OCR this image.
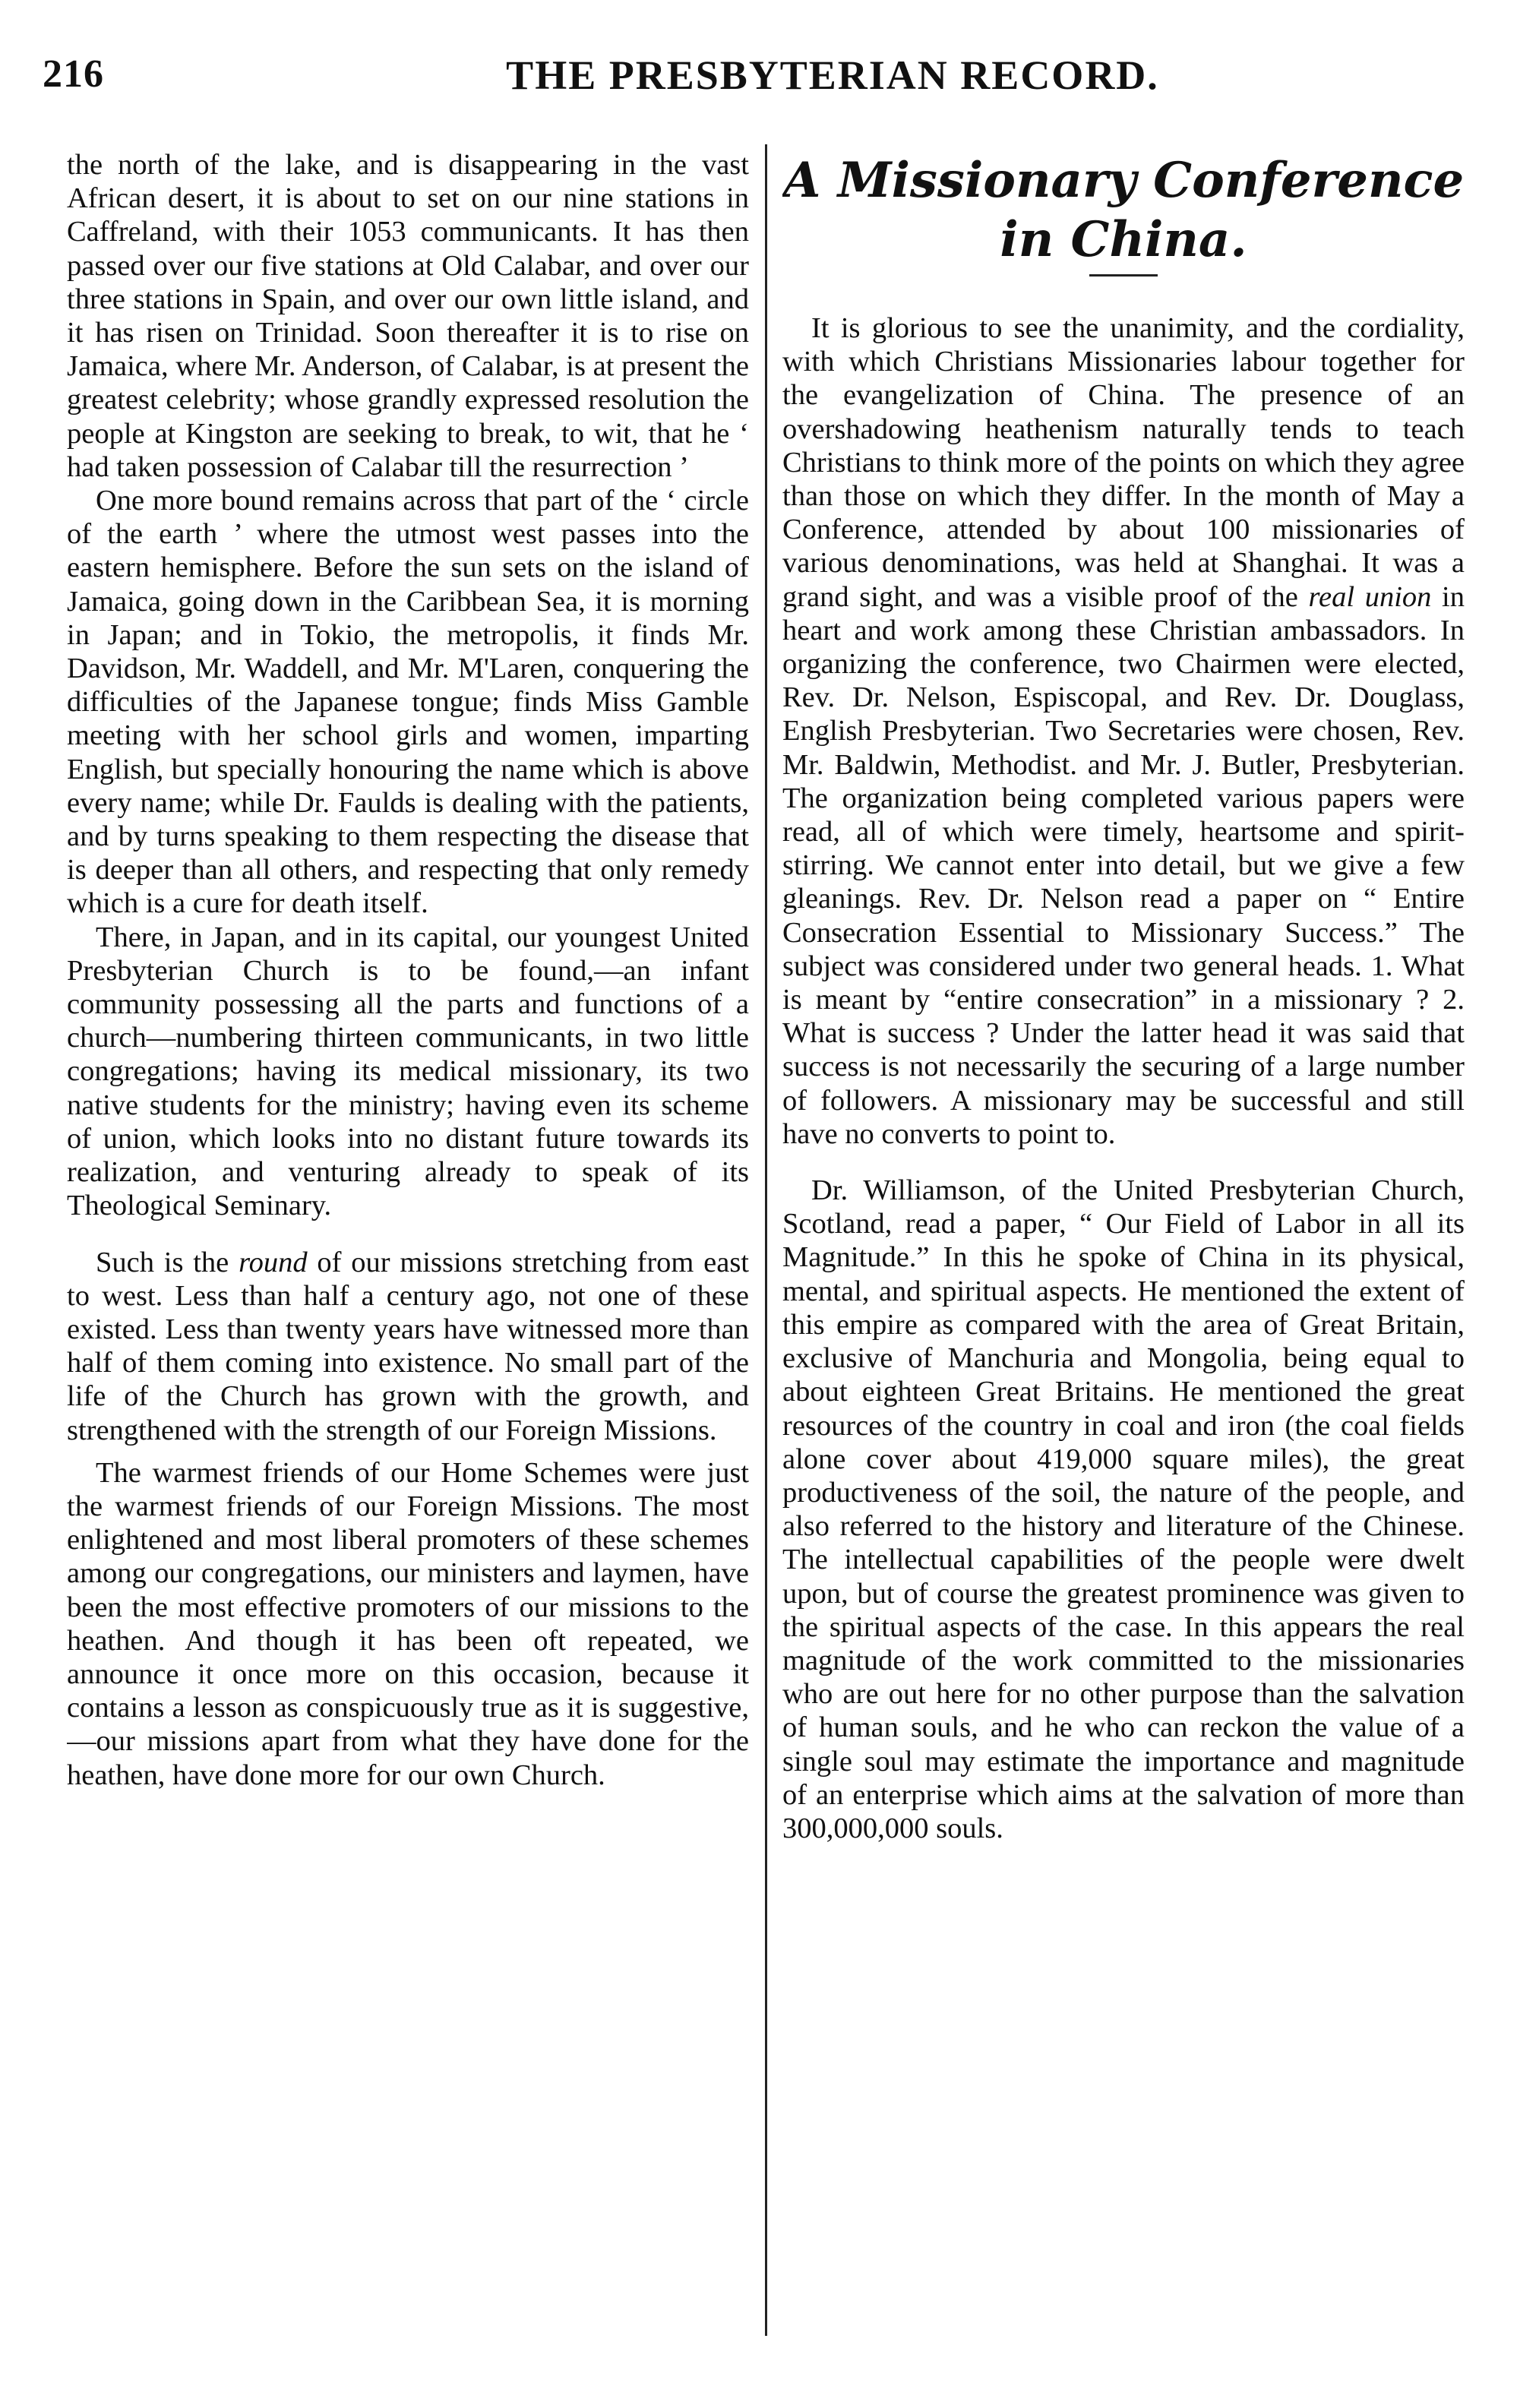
216	THE PRESBYTERIAN RECORD.

the north of the lake, and is disappearing in the vast African desert, it is about to set on our nine stations in Caffreland, with their 1053 communicants. It has then passed over our five stations at Old Calabar, and over our three stations in Spain, and over our own little island, and it has risen on Trinidad. Soon thereafter it is to rise on Jamaica, where Mr. Anderson, of Calabar, is at present the greatest celebrity; whose grandly expressed resolution the people at Kingston are seeking to break, to wit, that he ‘ had taken possession of Calabar till the resurrection ’

One more bound remains across that part of the ‘ circle of the earth ’ where the utmost west passes into the eastern hemisphere. Before the sun sets on the island of Jamaica, going down in the Caribbean Sea, it is morning in Japan; and in Tokio, the metropolis, it finds Mr. Davidson, Mr. Waddell, and Mr. M'Laren, conquering the difficulties of the Japanese tongue; finds Miss Gamble meeting with her school girls and women, imparting English, but specially honouring the name which is above every name; while Dr. Faulds is dealing with the patients, and by turns speaking to them respecting the disease that is deeper than all others, and respecting that only remedy which is a cure for death itself.

There, in Japan, and in its capital, our youngest United Presbyterian Church is to be found,—an infant community possessing all the parts and functions of a church—numbering thirteen communicants, in two little congregations; having its medical missionary, its two native students for the ministry; having even its scheme of union, which looks into no distant future towards its realization, and venturing already to speak of its Theological Seminary.

Such is the round of our missions stretching from east to west. Less than half a century ago, not one of these existed. Less than twenty years have witnessed more than half of them coming into existence. No small part of the life of the Church has grown with the growth, and strengthened with the strength of our Foreign Missions.

The warmest friends of our Home Schemes were just the warmest friends of our Foreign Missions. The most enlightened and most liberal promoters of these schemes among our congregations, our ministers and laymen, have been the most effective promoters of our missions to the heathen. And though it has been oft repeated, we announce it once more on this occasion, because it contains a lesson as conspicuously true as it is suggestive,—our missions apart from what they have done for the heathen, have done more for our own Church.

A Missionary Conference in China.

It is glorious to see the unanimity, and the cordiality, with which Christians Missionaries labour together for the evangelization of China. The presence of an overshadowing heathenism naturally tends to teach Christians to think more of the points on which they agree than those on which they differ. In the month of May a Conference, attended by about 100 missionaries of various denominations, was held at Shanghai. It was a grand sight, and was a visible proof of the real union in heart and work among these Christian ambassadors. In organizing the conference, two Chairmen were elected, Rev. Dr. Nelson, Espiscopal, and Rev. Dr. Douglass, English Presbyterian. Two Secretaries were chosen, Rev. Mr. Baldwin, Methodist. and Mr. J. Butler, Presbyterian. The organization being completed various papers were read, all of which were timely, heartsome and spirit-stirring. We cannot enter into detail, but we give a few gleanings. Rev. Dr. Nelson read a paper on “ Entire Consecration Essential to Missionary Success.” The subject was considered under two general heads. 1. What is meant by “entire consecration” in a missionary ? 2. What is success ? Under the latter head it was said that success is not necessarily the securing of a large number of followers. A missionary may be successful and still have no converts to point to.

Dr. Williamson, of the United Presbyterian Church, Scotland, read a paper, “ Our Field of Labor in all its Magnitude.” In this he spoke of China in its physical, mental, and spiritual aspects. He mentioned the extent of this empire as compared with the area of Great Britain, exclusive of Manchuria and Mongolia, being equal to about eighteen Great Britains. He mentioned the great resources of the country in coal and iron (the coal fields alone cover about 419,000 square miles), the great productiveness of the soil, the nature of the people, and also referred to the history and literature of the Chinese. The intellectual capabilities of the people were dwelt upon, but of course the greatest prominence was given to the spiritual aspects of the case. In this appears the real magnitude of the work committed to the missionaries who are out here for no other purpose than the salvation of human souls, and he who can reckon the value of a single soul may estimate the importance and magnitude of an enterprise which aims at the salvation of more than 300,000,000 souls.
